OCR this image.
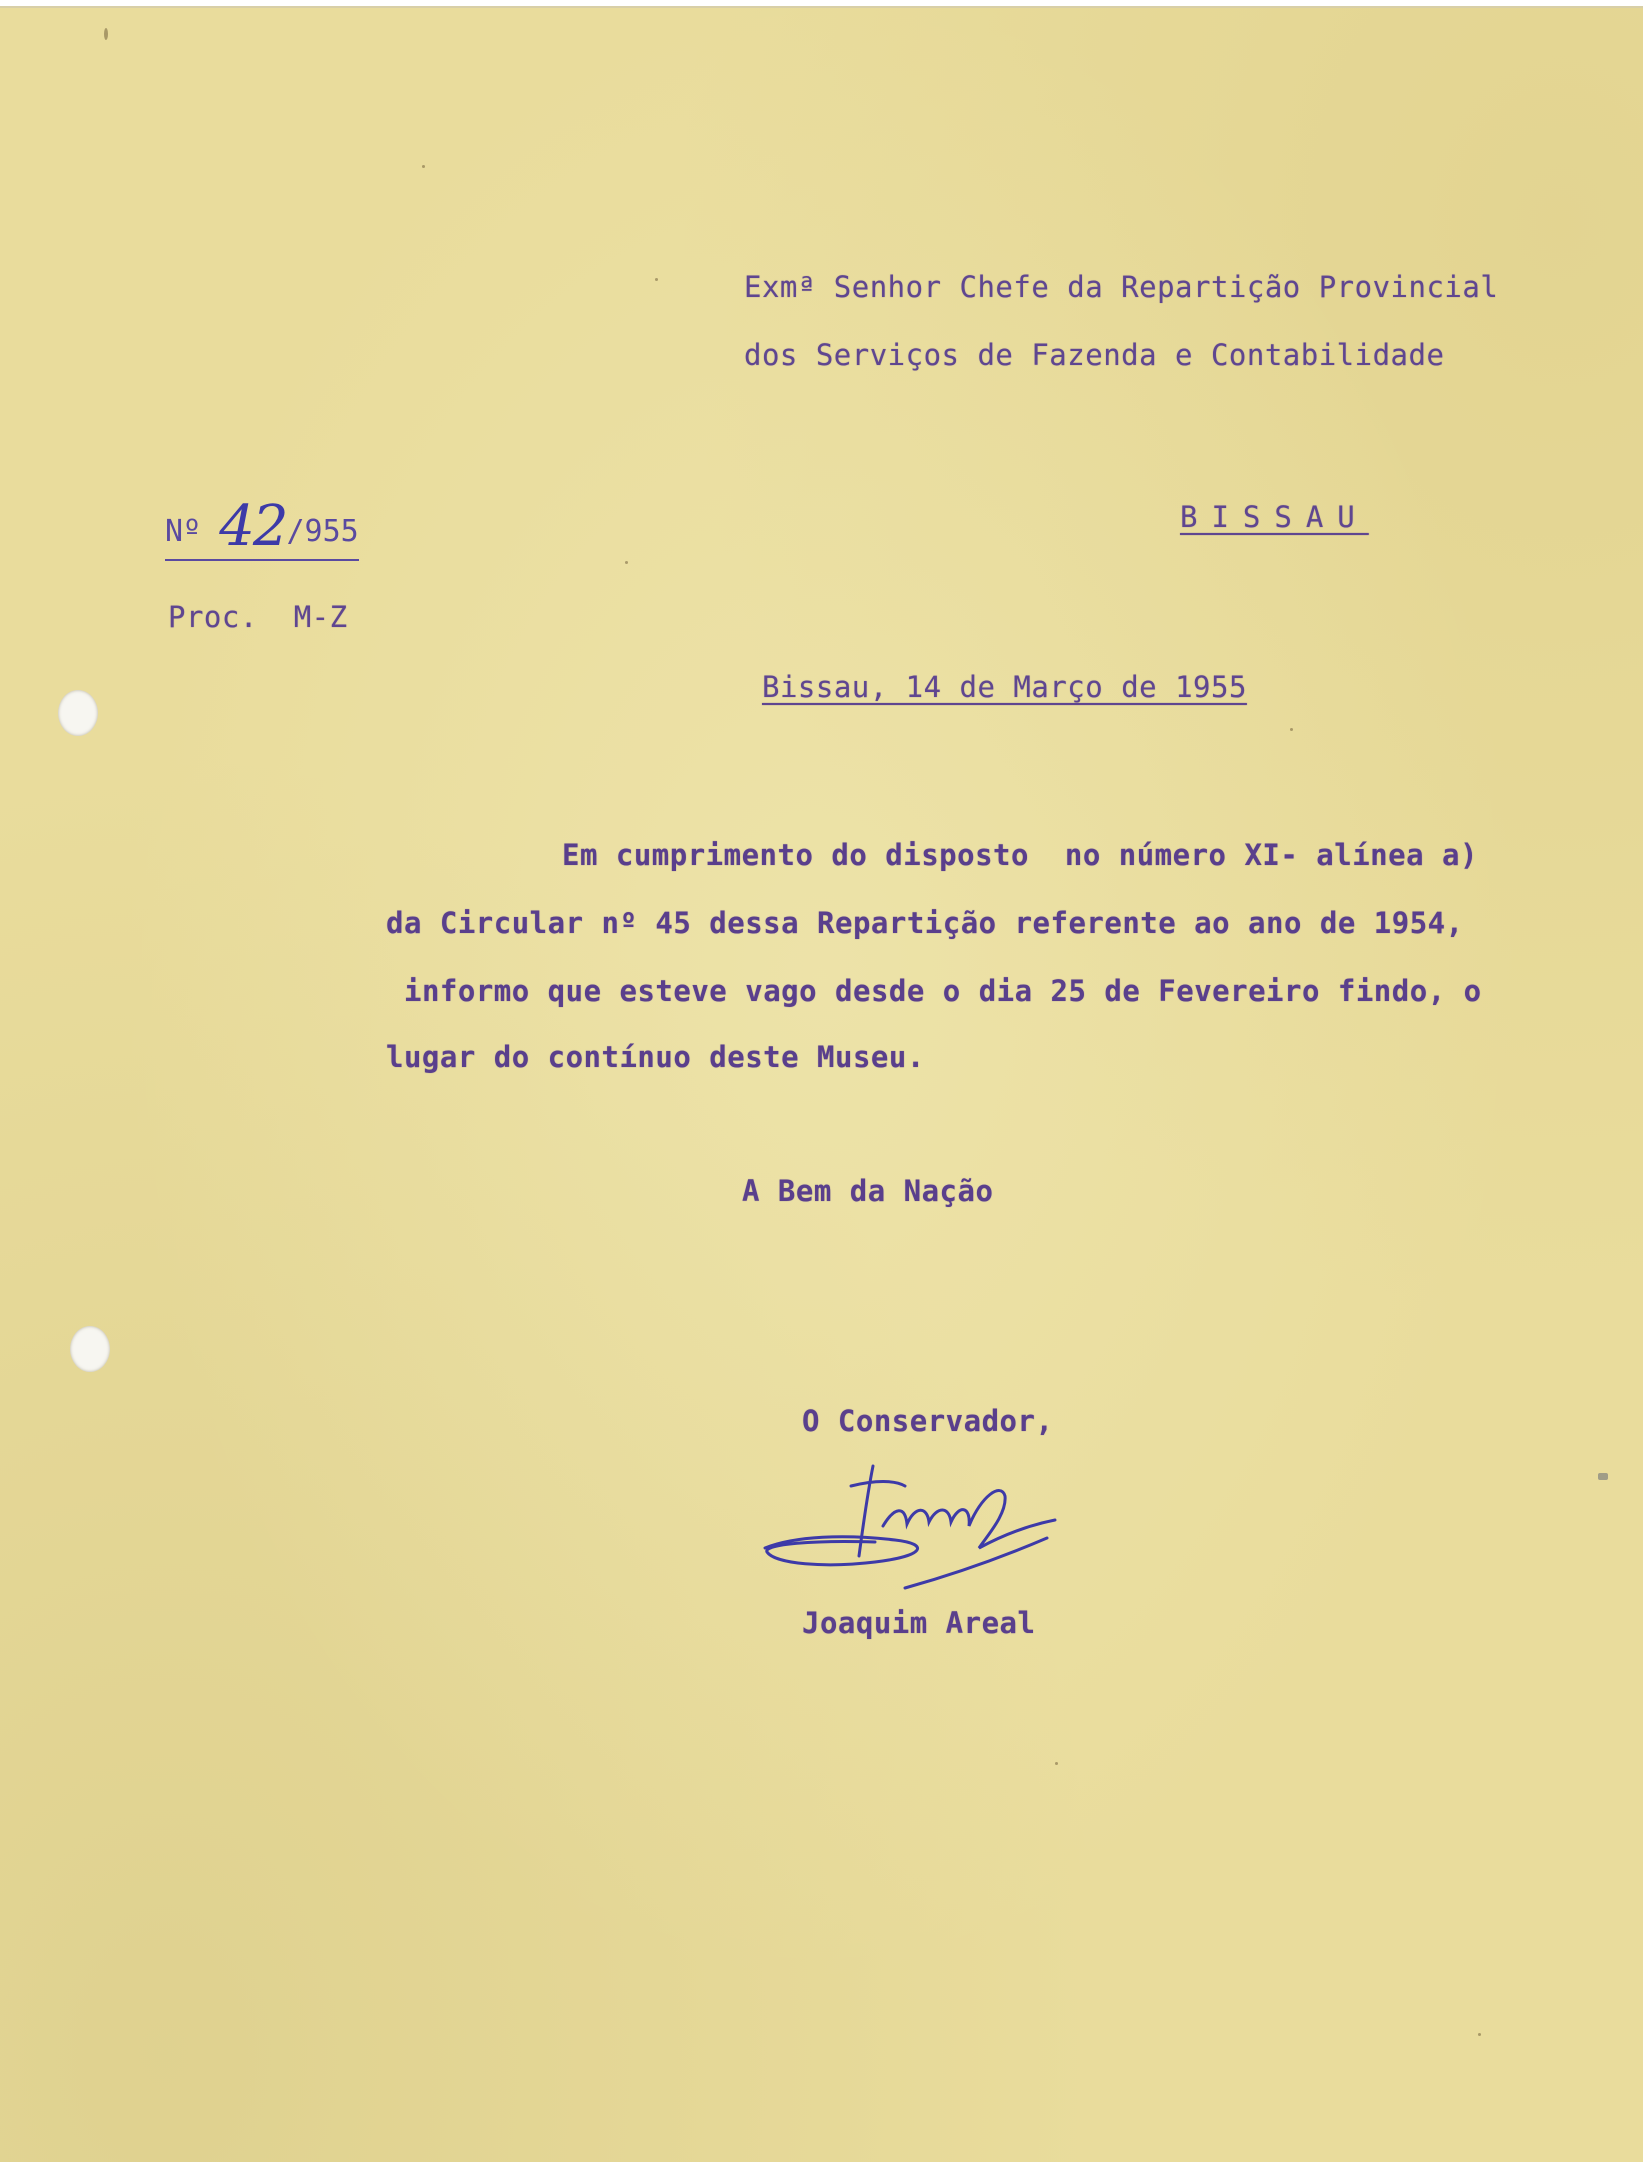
Exmª Senhor Chefe da Repartição Provincial
dos Serviços de Fazenda e Contabilidade
BISSAU
Nº 42/955
Proc.  M-Z
Bissau, 14 de Março de 1955
Em cumprimento do disposto  no número XI- alínea a)
da Circular nº 45 dessa Repartição referente ao ano de 1954,
informo que esteve vago desde o dia 25 de Fevereiro findo, o
lugar do contínuo deste Museu.
A Bem da Nação
O Conservador,
Joaquim Areal
